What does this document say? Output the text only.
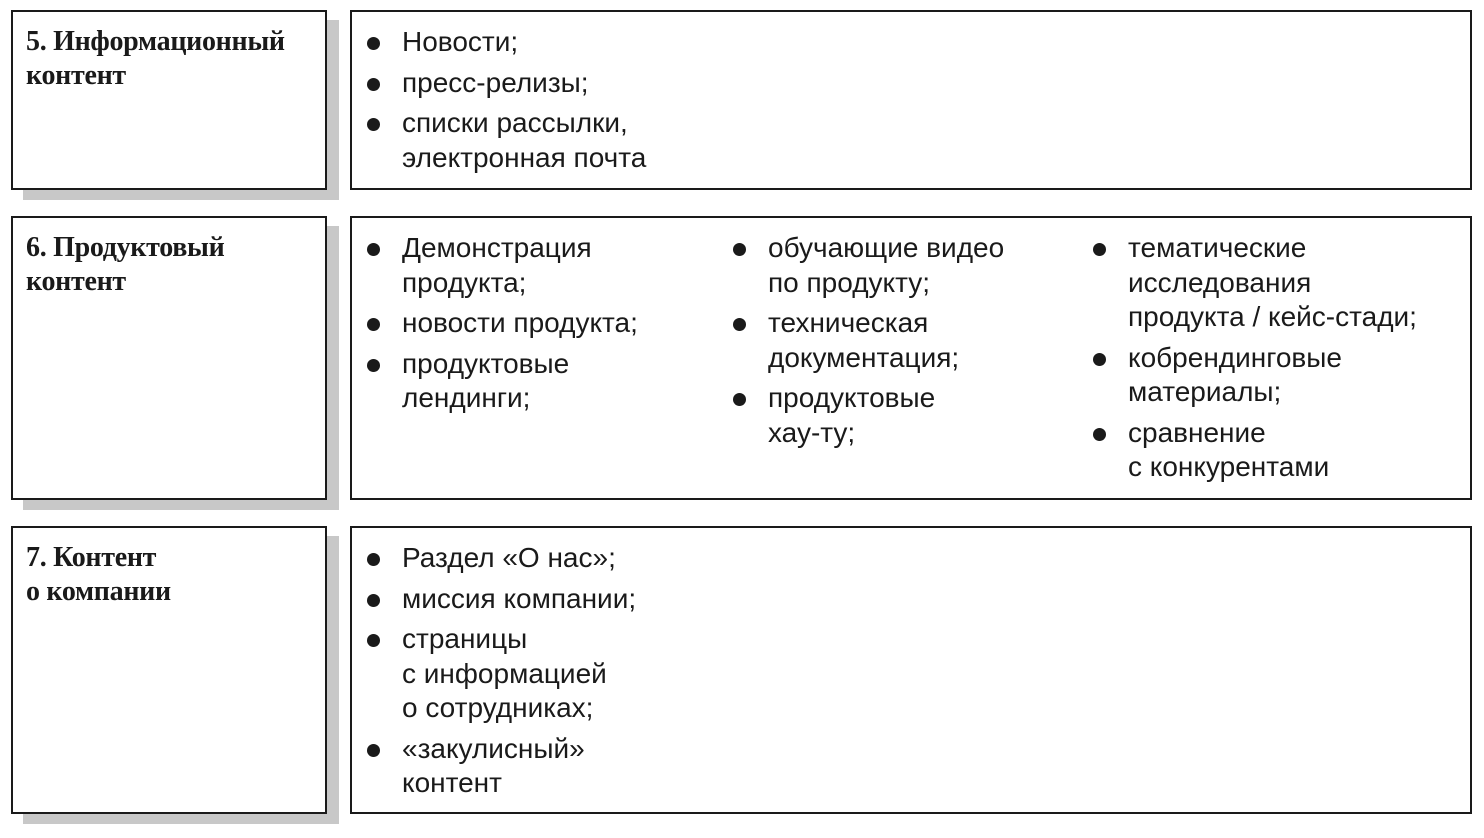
5. Информационный
контент
Новости;
пресс-релизы;
списки рассылки,
электронная почта
6. Продуктовый
контент
Демонстрация
продукта;
новости продукта;
продуктовые
лендинги;
обучающие видео
по продукту;
техническая
документация;
продуктовые
хау-ту;
тематические
исследования
продукта / кейс-стади;
кобрендинговые
материалы;
сравнение
с конкурентами
7. Контент
о компании
Раздел «О нас»;
миссия компании;
страницы
с информацией
о сотрудниках;
«закулисный»
контент
